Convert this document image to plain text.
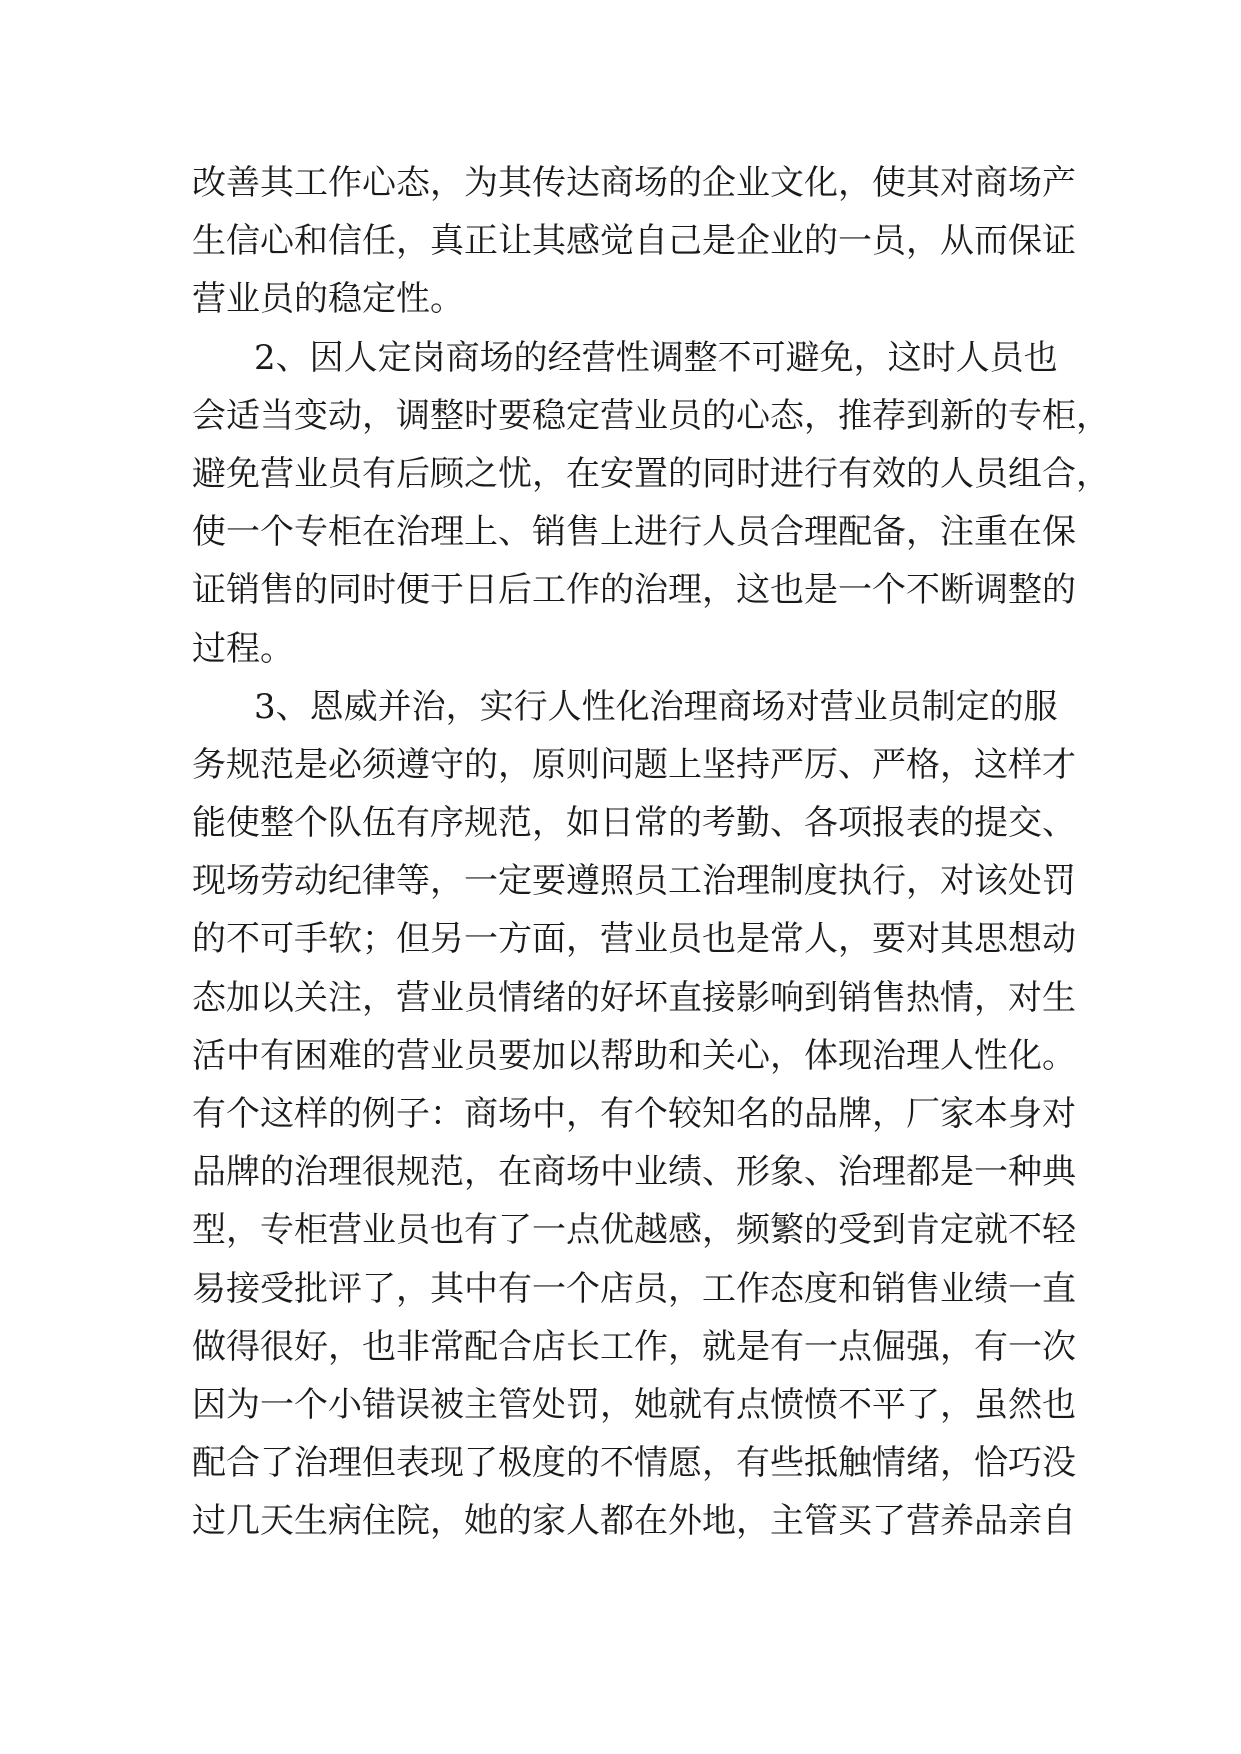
改善其工作心态，为其传达商场的企业文化，使其对商场产
生信心和信任，真正让其感觉自己是企业的一员，从而保证
营业员的稳定性。
2、因人定岗商场的经营性调整不可避免，这时人员也
会适当变动，调整时要稳定营业员的心态，推荐到新的专柜，
避免营业员有后顾之忧，在安置的同时进行有效的人员组合，
使一个专柜在治理上、销售上进行人员合理配备，注重在保
证销售的同时便于日后工作的治理，这也是一个不断调整的
过程。
3、恩威并治，实行人性化治理商场对营业员制定的服
务规范是必须遵守的，原则问题上坚持严厉、严格，这样才
能使整个队伍有序规范，如日常的考勤、各项报表的提交、
现场劳动纪律等，一定要遵照员工治理制度执行，对该处罚
的不可手软；但另一方面，营业员也是常人，要对其思想动
态加以关注，营业员情绪的好坏直接影响到销售热情，对生
活中有困难的营业员要加以帮助和关心，体现治理人性化。
有个这样的例子：商场中，有个较知名的品牌，厂家本身对
品牌的治理很规范，在商场中业绩、形象、治理都是一种典
型，专柜营业员也有了一点优越感，频繁的受到肯定就不轻
易接受批评了，其中有一个店员，工作态度和销售业绩一直
做得很好，也非常配合店长工作，就是有一点倔强，有一次
因为一个小错误被主管处罚，她就有点愤愤不平了，虽然也
配合了治理但表现了极度的不情愿，有些抵触情绪，恰巧没
过几天生病住院，她的家人都在外地，主管买了营养品亲自
